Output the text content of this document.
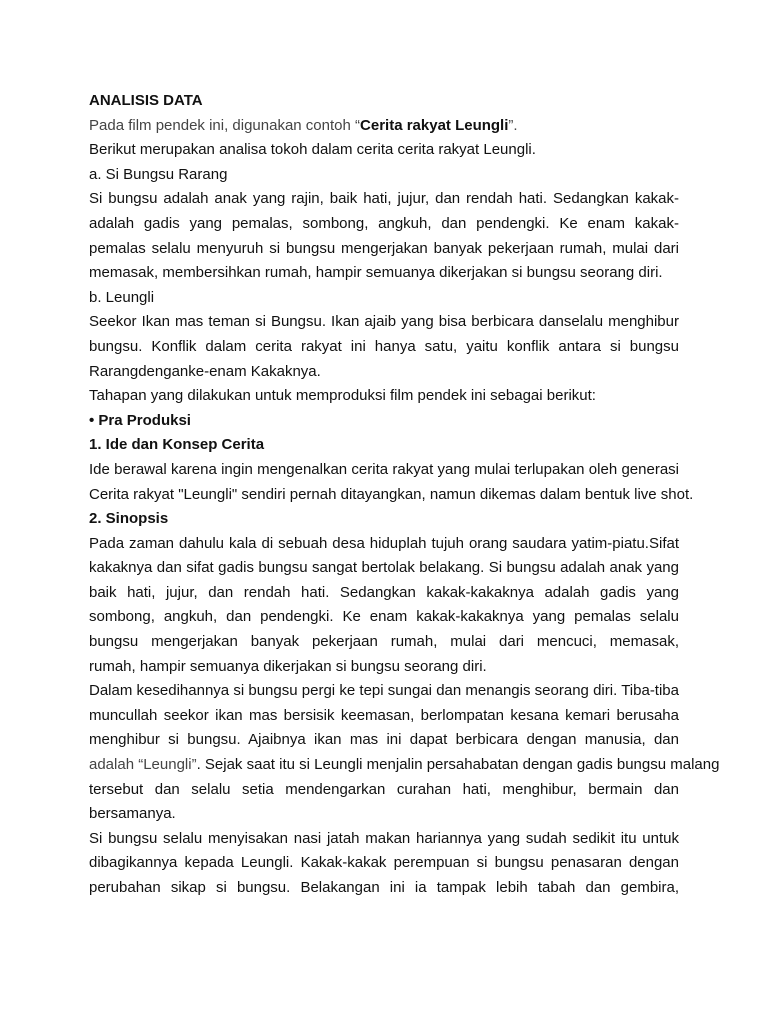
ANALISIS DATA
Pada film pendek ini, digunakan contoh “Cerita rakyat Leungli”.
Berikut merupakan analisa tokoh dalam cerita cerita rakyat Leungli.
a. Si Bungsu Rarang
Si bungsu adalah anak yang rajin, baik hati, jujur, dan rendah hati. Sedangkan kakak-
adalah gadis yang pemalas, sombong, angkuh, dan pendengki. Ke enam kakak-
pemalas selalu menyuruh si bungsu mengerjakan banyak pekerjaan rumah, mulai dari
memasak, membersihkan rumah, hampir semuanya dikerjakan si bungsu seorang diri.
b. Leungli
Seekor Ikan mas teman si Bungsu. Ikan ajaib yang bisa berbicara danselalu menghibur
bungsu. Konflik dalam cerita rakyat ini hanya satu, yaitu konflik antara si bungsu
Rarangdenganke-enam Kakaknya.
Tahapan yang dilakukan untuk memproduksi film pendek ini sebagai berikut:
• Pra Produksi
1. Ide dan Konsep Cerita
Ide berawal karena ingin mengenalkan cerita rakyat yang mulai terlupakan oleh generasi
Cerita rakyat "Leungli" sendiri pernah ditayangkan, namun dikemas dalam bentuk live shot.
2. Sinopsis
Pada zaman dahulu kala di sebuah desa hiduplah tujuh orang saudara yatim-piatu.Sifat
kakaknya dan sifat gadis bungsu sangat bertolak belakang. Si bungsu adalah anak yang
baik hati, jujur, dan rendah hati. Sedangkan kakak-kakaknya adalah gadis yang
sombong, angkuh, dan pendengki. Ke enam kakak-kakaknya yang pemalas selalu
bungsu mengerjakan banyak pekerjaan rumah, mulai dari mencuci, memasak,
rumah, hampir semuanya dikerjakan si bungsu seorang diri.
Dalam kesedihannya si bungsu pergi ke tepi sungai dan menangis seorang diri. Tiba-tiba
muncullah seekor ikan mas bersisik keemasan, berlompatan kesana kemari berusaha
menghibur si bungsu. Ajaibnya ikan mas ini dapat berbicara dengan manusia, dan
adalah “Leungli”. Sejak saat itu si Leungli menjalin persahabatan dengan gadis bungsu malang
tersebut dan selalu setia mendengarkan curahan hati, menghibur, bermain dan
bersamanya.
Si bungsu selalu menyisakan nasi jatah makan hariannya yang sudah sedikit itu untuk
dibagikannya kepada Leungli. Kakak-kakak perempuan si bungsu penasaran dengan
perubahan sikap si bungsu. Belakangan ini ia tampak lebih tabah dan gembira,
